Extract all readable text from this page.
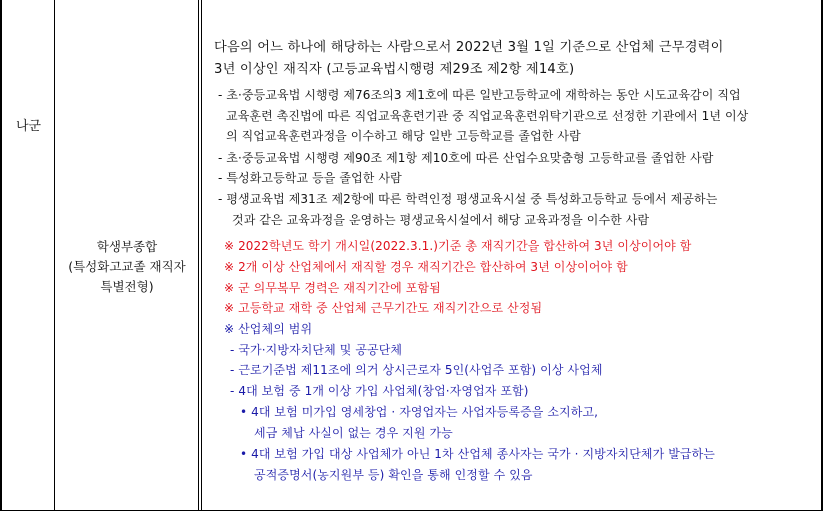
나군
학생부종합
(특성화고교졸 재직자
특별전형)
다음의 어느 하나에 해당하는 사람으로서 2022년 3월 1일 기준으로 산업체 근무경력이
3년 이상인 재직자 (고등교육법시행령 제29조 제2항 제14호)
- 초·중등교육법 시행령 제76조의3 제1호에 따른 일반고등학교에 재학하는 동안 시도교육감이 직업
교육훈련 촉진법에 따른 직업교육훈련기관 중 직업교육훈련위탁기관으로 선정한 기관에서 1년 이상
의 직업교육훈련과정을 이수하고 해당 일반 고등학교를 졸업한 사람
- 초·중등교육법 시행령 제90조 제1항 제10호에 따른 산업수요맞춤형 고등학교를 졸업한 사람
- 특성화고등학교 등을 졸업한 사람
- 평생교육법 제31조 제2항에 따른 학력인정 평생교육시설 중 특성화고등학교 등에서 제공하는
것과 같은 교육과정을 운영하는 평생교육시설에서 해당 교육과정을 이수한 사람
※ 2022학년도 학기 개시일(2022.3.1.)기준 총 재직기간을 합산하여 3년 이상이어야 함
※ 2개 이상 산업체에서 재직할 경우 재직기간은 합산하여 3년 이상이어야 함
※ 군 의무복무 경력은 재직기간에 포함됨
※ 고등학교 재학 중 산업체 근무기간도 재직기간으로 산정됨
※ 산업체의 범위
- 국가·지방자치단체 및 공공단체
- 근로기준법 제11조에 의거 상시근로자 5인(사업주 포함) 이상 사업체
- 4대 보험 중 1개 이상 가입 사업체(창업·자영업자 포함)
• 4대 보험 미가입 영세창업 · 자영업자는 사업자등록증을 소지하고,
세금 체납 사실이 없는 경우 지원 가능
• 4대 보험 가입 대상 사업체가 아닌 1차 산업체 종사자는 국가 · 지방자치단체가 발급하는
공적증명서(농지원부 등) 확인을 통해 인정할 수 있음
